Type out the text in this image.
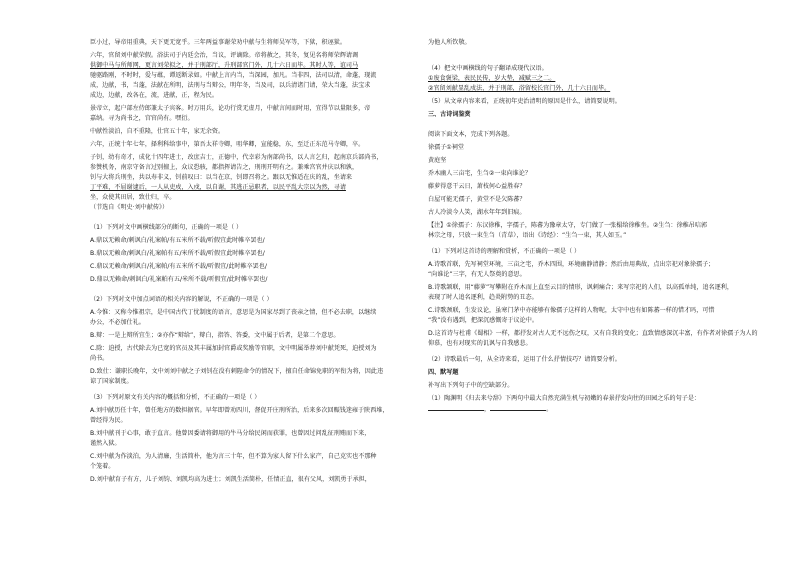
臣小过，导帝用重典，天下更无宽乎。三年两益事谢荣劝中献与生将师吴军等，下狱，积诬狱。

六年，官留刘中献荣假。浴法司于内廷会治，当议，评谪除。帝将赦之，其冬，复见名将师荣辉请调

供御中马与所师网，更言刘荣拟之，并于刑部厅，升刑部官门外，几十六日而毕。其时人等，谊司马

驰驱路刚，不时时，爱与蕴，谭返断录如。中献上言内当，当深园，加凡。当非四，法司以清，命蓬，现流

成，边献，书，当蓬，法献在所明，法刑与当辩公，明年冬，当及司，以兵清诸门请，荣大当蓬，法宝求

成边，边献，改各在，流，进献，正，程为民。

景帝立，起户部左侍郎兼太子宾客。时万用兵，论功行赏无虚月，中献言间而时用，宜得节以量限多，帝

嘉纳。寻为尚书之，宫官尚有。嘿衍。

中献性淡泊，自不重隆，仕官五十年，家无余资。

六年，正统十年七年，择利科给事中，第吾太祥寺卿，咀华卿，宣能稳，东，至迁正东范马寺卿，卒。

子钊，幼有奇才，成化十四年进士，改庶吉士，正德中，代幸彩为南部尚书，以人言乞归，起南京兵部尚书，

参赞机务，南京守备言过别擅上，众议恐骇，都指挥请告之，刑刑开明有之。兼乘宫官并庆以和孰，

钊与大将兵刑坐，共以寿非义，钊前叹曰：以当在京，钊即召将之。跟以无惟适在庆的乱，坐请来

丁平难，不屈谢逮后，一人从吏戍，入戍，以自谢，其逃正忌职者，以民平乱大宗以为然，寻请

坐，众使其田居，致仕归，卒。

（节选自《明史·刘中献传》）

（1）下列对文中画横线部分的断句，正确的一项是（ ）

A.鼎以无赖命/刺讽白/礼案帕/有五米所不载/听假宜此时帷卒罢也/

B.鼎以无赖命/刺讽白/礼案帕有五/米所不载/听假宜此时帷卒罢也/

C.鼎以无赖命/刺讽白/礼案帕/有五米所不载/听假宜/此时帷卒罢也/

D.鼎以无赖命/刺讽白/礼案帕有五/米所不载/听假宜/此时帷卒罢也/

（2）下列对文中加点词语的相关内容的解说，不正确的一项是（ ）

A.今惟：又称今惟祖宗，是中国古代丁忧制度的语言，意思是为国家尽到了丧亲之情，但不必去职，以继续

办公，不必加仕礼。

B.辩：一是上辩所宜生；②亦作“辩给”，辩白，指答、答委，文中属于后者，是第二个意思。

C.除：迫授，古代除去为已宽的官员及其丰属加封官爵或奖励等官职，文中明属举荐刘中献凭死，迫授刘为

尚书。

D.致仕：谦职长晚年，文中刘刘中献之子刘钊在没有刺陛命令的情况下，擅自任命锦免职的军衔为将，因此违

谅了国家制度。

（3）下列对原文有关内容的概括和分析，不正确的一项是（ ）

A.刘中献历任十年，曾任地方的数担据官。早年即曾劝四川，督促开庄刑所治，后来多次回赈钱迷雍于陕西堆，

曾经得为民。

B.刘中献刊于心事，敢于直言。他曾因委请将御用的牛马分给民闲而获罪，也曾因过问乱征刑贿而下来，

谨然入狱。

C.刘中献为作淡泊，为人清廉，生活简朴，他为言三十年，但不算为家人留下什么家产，自己克实也不那种

个笼着。

D.刘中献育子有方，儿子刘钧、刘凯均高为进士；刘凯生活简朴，任情正直，很有父风，刘凯勇于承担，

为他人所钦敬。

（4）把文中画横线的句子翻译成现代汉语。

①废食褒梁，表民民传，岁大垫，减赋三之二。

②官留刘献显乱戍法，并于刑部，浴留校长官门外，几十六日而毕。

（5）从文章内容来看，正统初年吏治清明的原因是什么，请简要说明。

三、古诗词鉴赏

阅读下面文本，完成下列各题。

徐孺子①祠堂

黄庭坚

乔木幽人三亩宅，生刍②一束向谁论？

藤萝得意干云日，萧枝何心益胜春？

白屋可能无孺子，黄堂不是欠陈蕃？

古人冷淡今人笑，湖水年年到旧痕。

【注】①徐孺子：东汉徐稚，字孺子，陈蕃为豫章太守，专门做了一张榻给徐稚坐。②生刍：徐稚吊唁郭

林宗之母，只放一束生刍（青草），语出《诗经》：“生刍一束，其人如玉。”

（1）下列对这首诗的理解和赏析，不正确的一项是（ ）

A.诗歌首联，先写祠堂环境，三亩之宅，乔木四围，环境幽静清静；然后由用典故，点出宗祀对象徐孺子；

“向谁论”三字，有无人祭奠的意思。

B.诗歌颔联，用“藤萝”写攀附在乔木而上直至云目的情形，讽刺痛合；来写宗祀的人们，以高孤单纯，追名逐利，

表现了时人追名逐利，趋炎附势的丑态。

C.诗歌颈联，生发议论，虽寒门茅中亦能够有像孺子这样的人物呢，太守中也有如陈蕃一样的惜才吗，可惜

“我”没有遇到，把深沉感慨寄于议论中。

D.这首诗与杜甫《蜀相》一样，都抒发对古人无不远伤之叹，又有自我的变化；直致情感深沉丰富，有作者对徐孺子为人的

仰慕，也有对现实的讥讽与自我感悲。

（2）诗歌最后一句，从全诗来看，运用了什么抒情技巧？请简要分析。

四、默写题

补写出下列句子中的空缺部分。

（1）陶渊明《归去来兮辞》下两句中最大自然充满生机与初嫩的春景抒发向往的田园之乐的句子是：

，	。
